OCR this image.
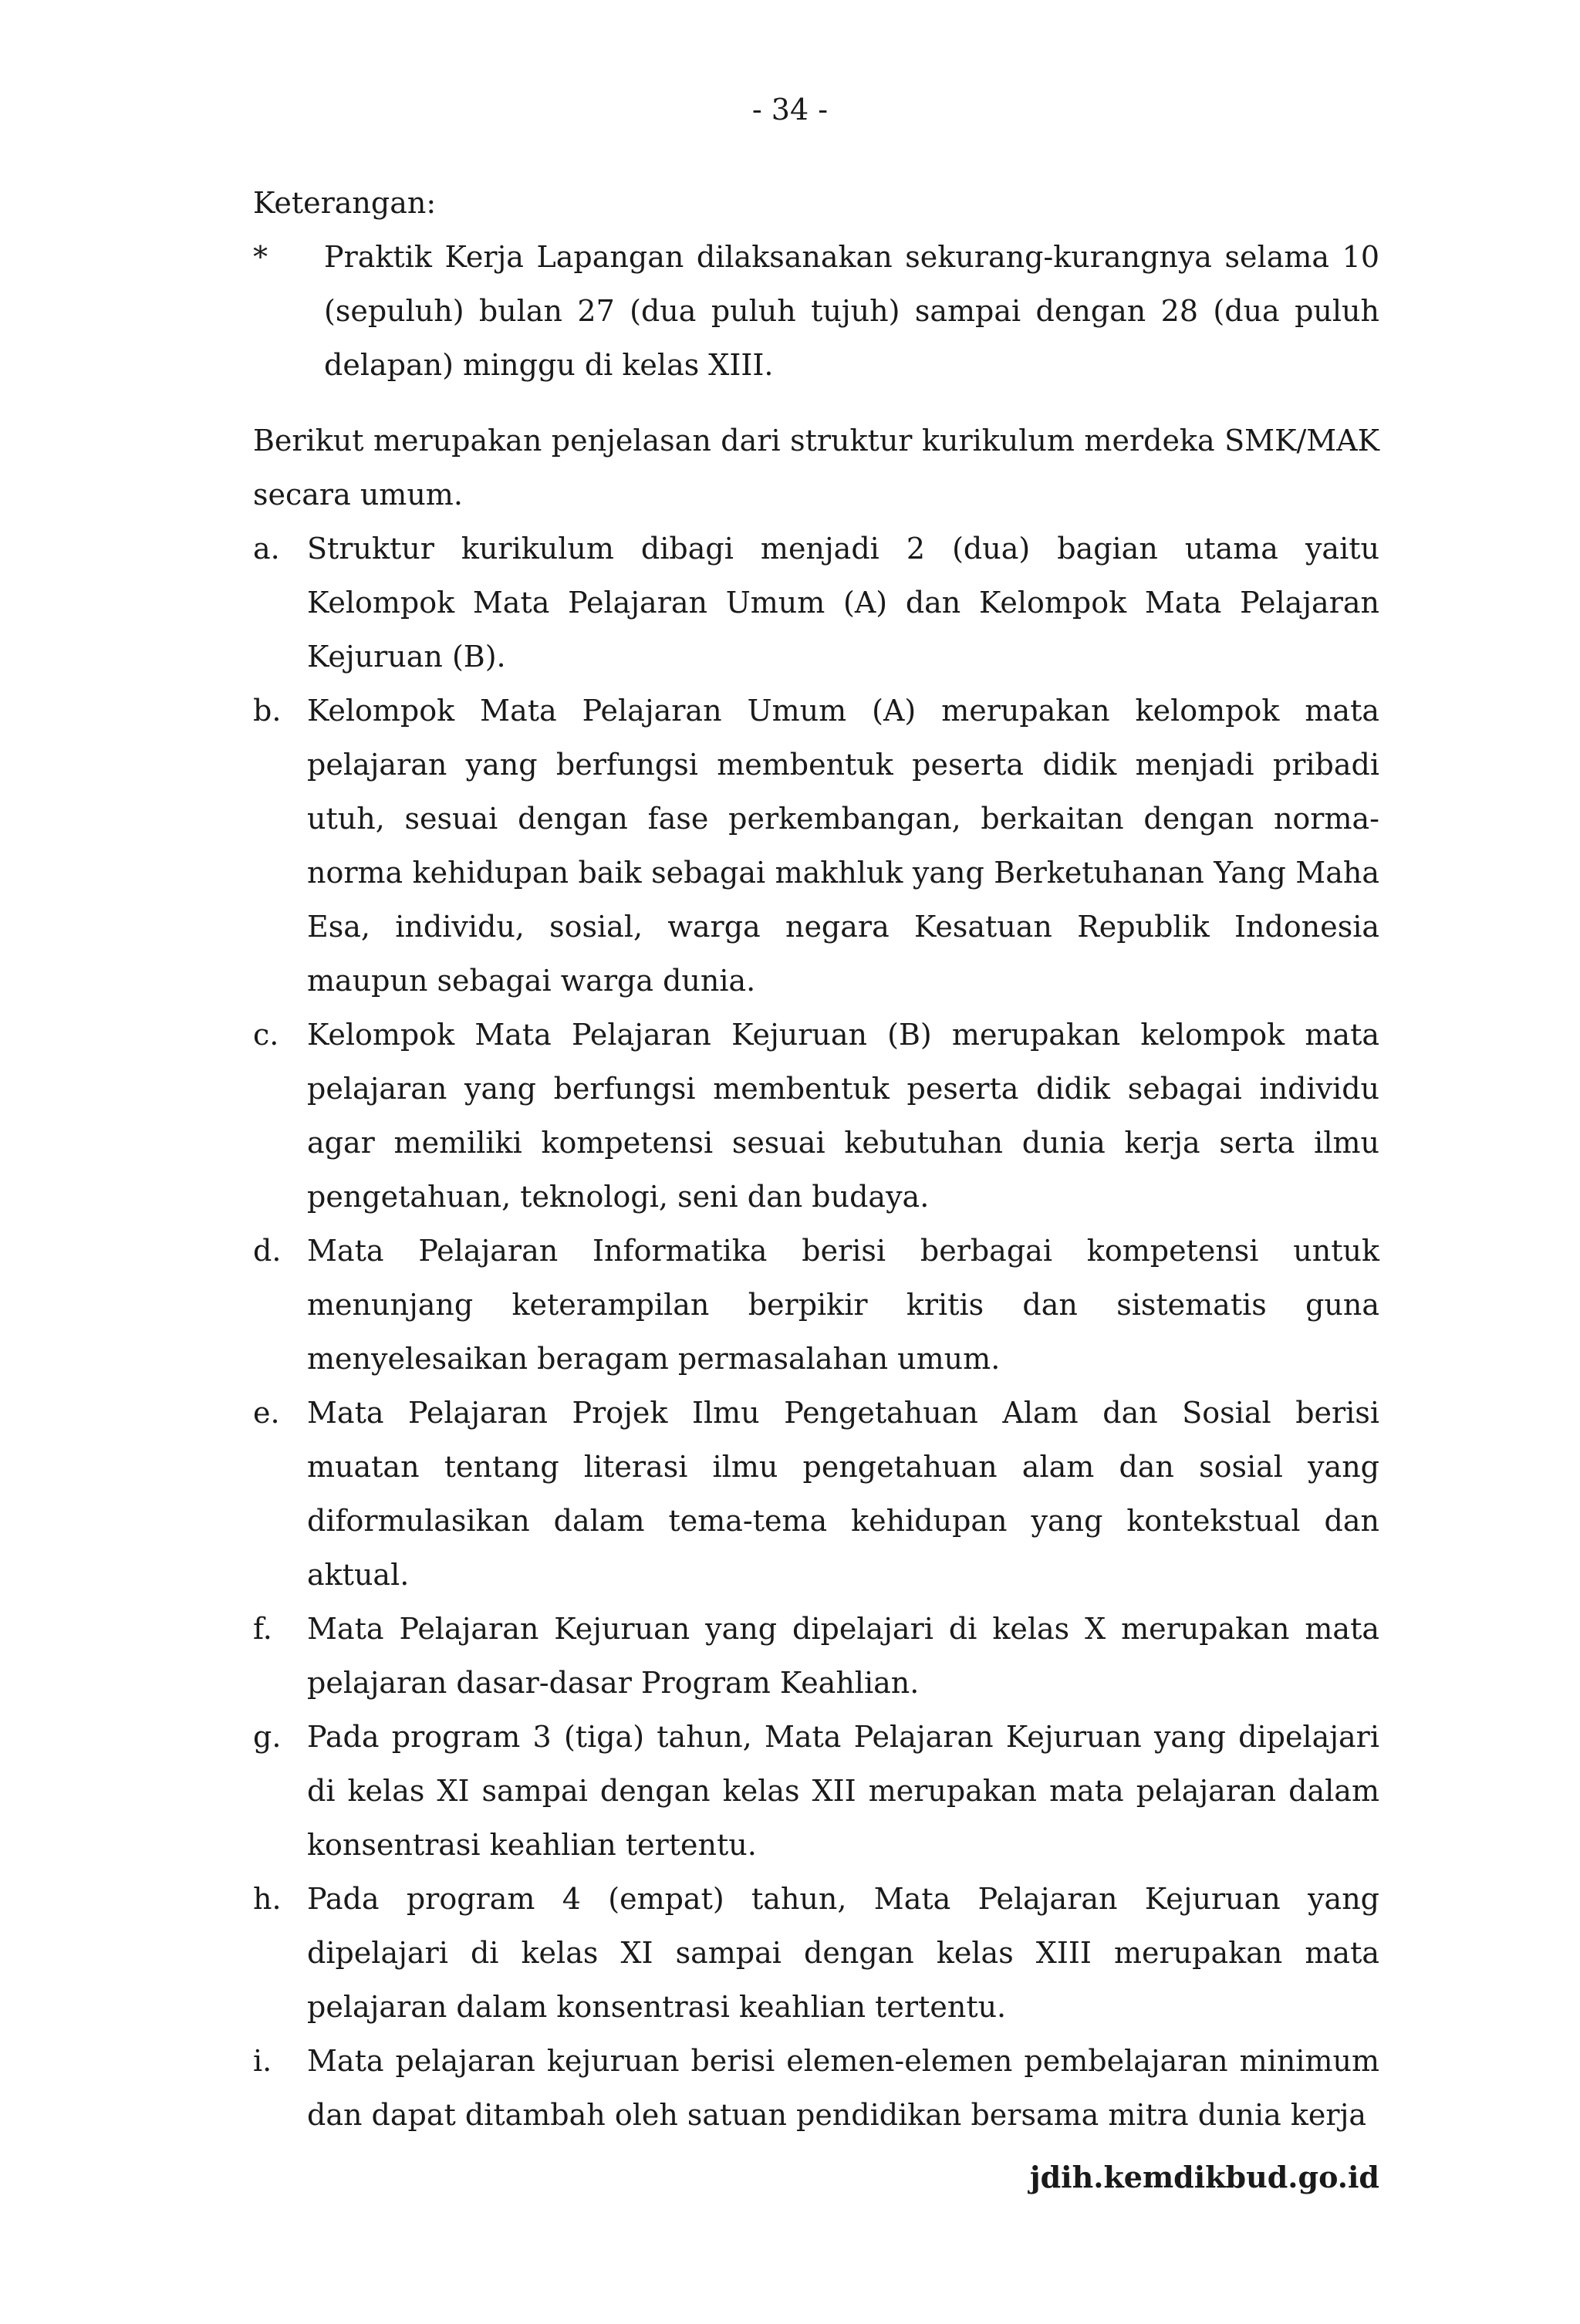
- 34 -

Keterangan:

* Praktik Kerja Lapangan dilaksanakan sekurang-kurangnya selama 10 (sepuluh) bulan 27 (dua puluh tujuh) sampai dengan 28 (dua puluh delapan) minggu di kelas XIII.

Berikut merupakan penjelasan dari struktur kurikulum merdeka SMK/MAK secara umum.

a. Struktur kurikulum dibagi menjadi 2 (dua) bagian utama yaitu Kelompok Mata Pelajaran Umum (A) dan Kelompok Mata Pelajaran Kejuruan (B).
b. Kelompok Mata Pelajaran Umum (A) merupakan kelompok mata pelajaran yang berfungsi membentuk peserta didik menjadi pribadi utuh, sesuai dengan fase perkembangan, berkaitan dengan norma-norma kehidupan baik sebagai makhluk yang Berketuhanan Yang Maha Esa, individu, sosial, warga negara Kesatuan Republik Indonesia maupun sebagai warga dunia.
c. Kelompok Mata Pelajaran Kejuruan (B) merupakan kelompok mata pelajaran yang berfungsi membentuk peserta didik sebagai individu agar memiliki kompetensi sesuai kebutuhan dunia kerja serta ilmu pengetahuan, teknologi, seni dan budaya.
d. Mata Pelajaran Informatika berisi berbagai kompetensi untuk menunjang keterampilan berpikir kritis dan sistematis guna menyelesaikan beragam permasalahan umum.
e. Mata Pelajaran Projek Ilmu Pengetahuan Alam dan Sosial berisi muatan tentang literasi ilmu pengetahuan alam dan sosial yang diformulasikan dalam tema-tema kehidupan yang kontekstual dan aktual.
f. Mata Pelajaran Kejuruan yang dipelajari di kelas X merupakan mata pelajaran dasar-dasar Program Keahlian.
g. Pada program 3 (tiga) tahun, Mata Pelajaran Kejuruan yang dipelajari di kelas XI sampai dengan kelas XII merupakan mata pelajaran dalam konsentrasi keahlian tertentu.
h. Pada program 4 (empat) tahun, Mata Pelajaran Kejuruan yang dipelajari di kelas XI sampai dengan kelas XIII merupakan mata pelajaran dalam konsentrasi keahlian tertentu.
i. Mata pelajaran kejuruan berisi elemen-elemen pembelajaran minimum dan dapat ditambah oleh satuan pendidikan bersama mitra dunia kerja
jdih.kemdikbud.go.id
